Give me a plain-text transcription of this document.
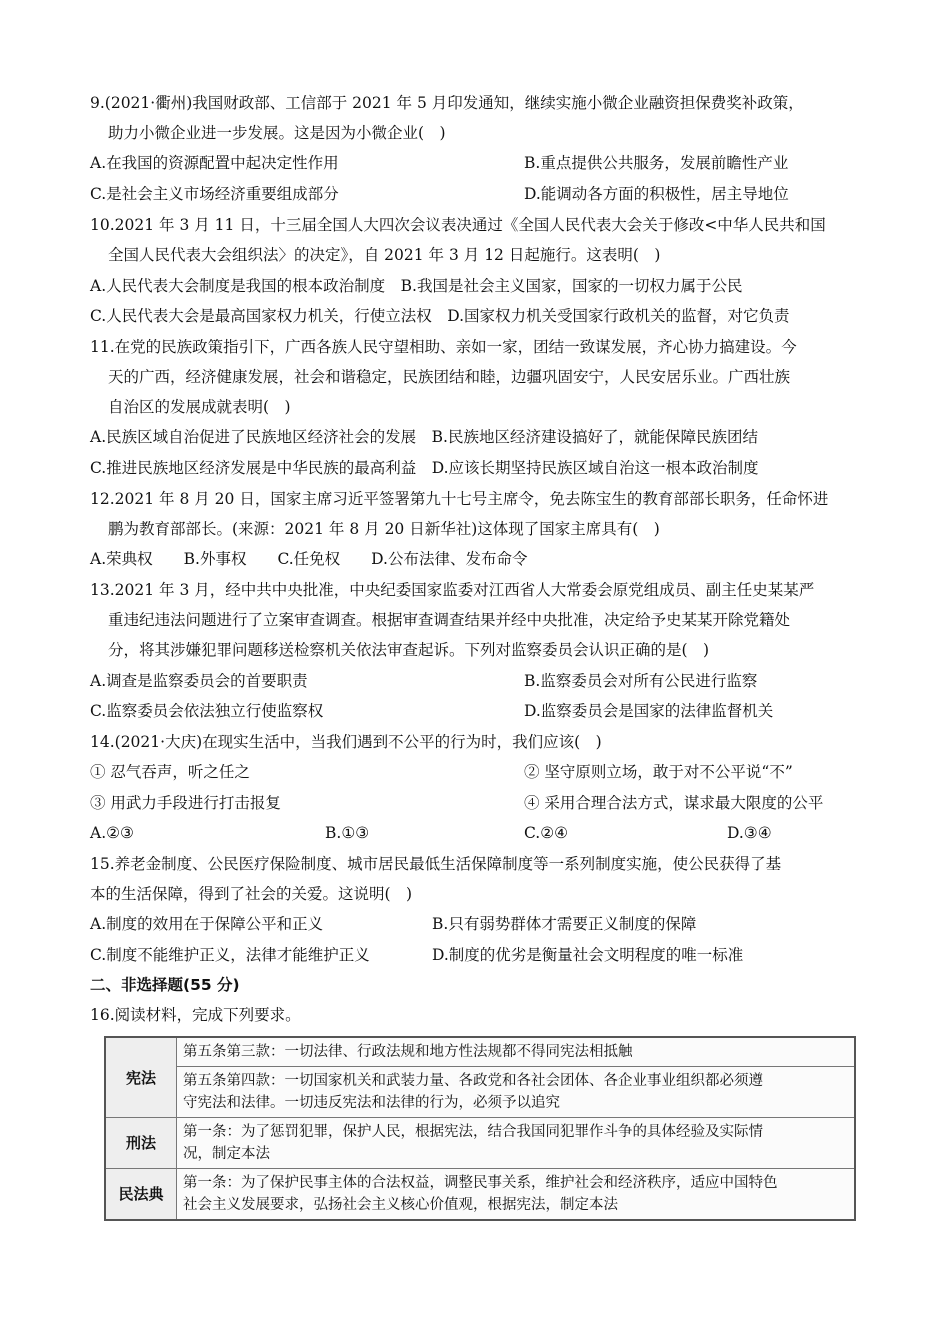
9.(2021·衢州)我国财政部、工信部于 2021 年 5 月印发通知，继续实施小微企业融资担保费奖补政策，
助力小微企业进一步发展。这是因为小微企业(　)
A.在我国的资源配置中起决定性作用	B.重点提供公共服务，发展前瞻性产业
C.是社会主义市场经济重要组成部分	D.能调动各方面的积极性，居主导地位
10.2021 年 3 月 11 日，十三届全国人大四次会议表决通过《全国人民代表大会关于修改<中华人民共和国
全国人民代表大会组织法〉的决定》，自 2021 年 3 月 12 日起施行。这表明(　)
A.人民代表大会制度是我国的根本政治制度　B.我国是社会主义国家，国家的一切权力属于公民
C.人民代表大会是最高国家权力机关，行使立法权　D.国家权力机关受国家行政机关的监督，对它负责
11.在党的民族政策指引下，广西各族人民守望相助、亲如一家，团结一致谋发展，齐心协力搞建设。今
天的广西，经济健康发展，社会和谐稳定，民族团结和睦，边疆巩固安宁，人民安居乐业。广西壮族
自治区的发展成就表明(　)
A.民族区域自治促进了民族地区经济社会的发展　B.民族地区经济建设搞好了，就能保障民族团结
C.推进民族地区经济发展是中华民族的最高利益　D.应该长期坚持民族区域自治这一根本政治制度
12.2021 年 8 月 20 日，国家主席习近平签署第九十七号主席令，免去陈宝生的教育部部长职务，任命怀进
鹏为教育部部长。(来源：2021 年 8 月 20 日新华社)这体现了国家主席具有(　)
A.荣典权　　B.外事权　　C.任免权　　D.公布法律、发布命令
13.2021 年 3 月，经中共中央批准，中央纪委国家监委对江西省人大常委会原党组成员、副主任史某某严
重违纪违法问题进行了立案审查调查。根据审查调查结果并经中央批准，决定给予史某某开除党籍处
分，将其涉嫌犯罪问题移送检察机关依法审查起诉。下列对监察委员会认识正确的是(　)
A.调查是监察委员会的首要职责	B.监察委员会对所有公民进行监察
C.监察委员会依法独立行使监察权	D.监察委员会是国家的法律监督机关
14.(2021·大庆)在现实生活中，当我们遇到不公平的行为时，我们应该(　)
① 忍气吞声，听之任之	② 坚守原则立场，敢于对不公平说“不”
③ 用武力手段进行打击报复	④ 采用合理合法方式，谋求最大限度的公平
A.②③	B.①③	C.②④	D.③④
15.养老金制度、公民医疗保险制度、城市居民最低生活保障制度等一系列制度实施，使公民获得了基
本的生活保障，得到了社会的关爱。这说明(　)
A.制度的效用在于保障公平和正义	B.只有弱势群体才需要正义制度的保障
C.制度不能维护正义，法律才能维护正义	D.制度的优劣是衡量社会文明程度的唯一标准
二、非选择题(55 分)
16.阅读材料，完成下列要求。
宪法	第五条第三款：一切法律、行政法规和地方性法规都不得同宪法相抵触

	第五条第四款：一切国家机关和武装力量、各政党和各社会团体、各企业事业组织都必须遵
守宪法和法律。一切违反宪法和法律的行为，必须予以追究

刑法	第一条：为了惩罚犯罪，保护人民，根据宪法，结合我国同犯罪作斗争的具体经验及实际情
况，制定本法

民法典	第一条：为了保护民事主体的合法权益，调整民事关系，维护社会和经济秩序，适应中国特色
社会主义发展要求，弘扬社会主义核心价值观，根据宪法，制定本法
